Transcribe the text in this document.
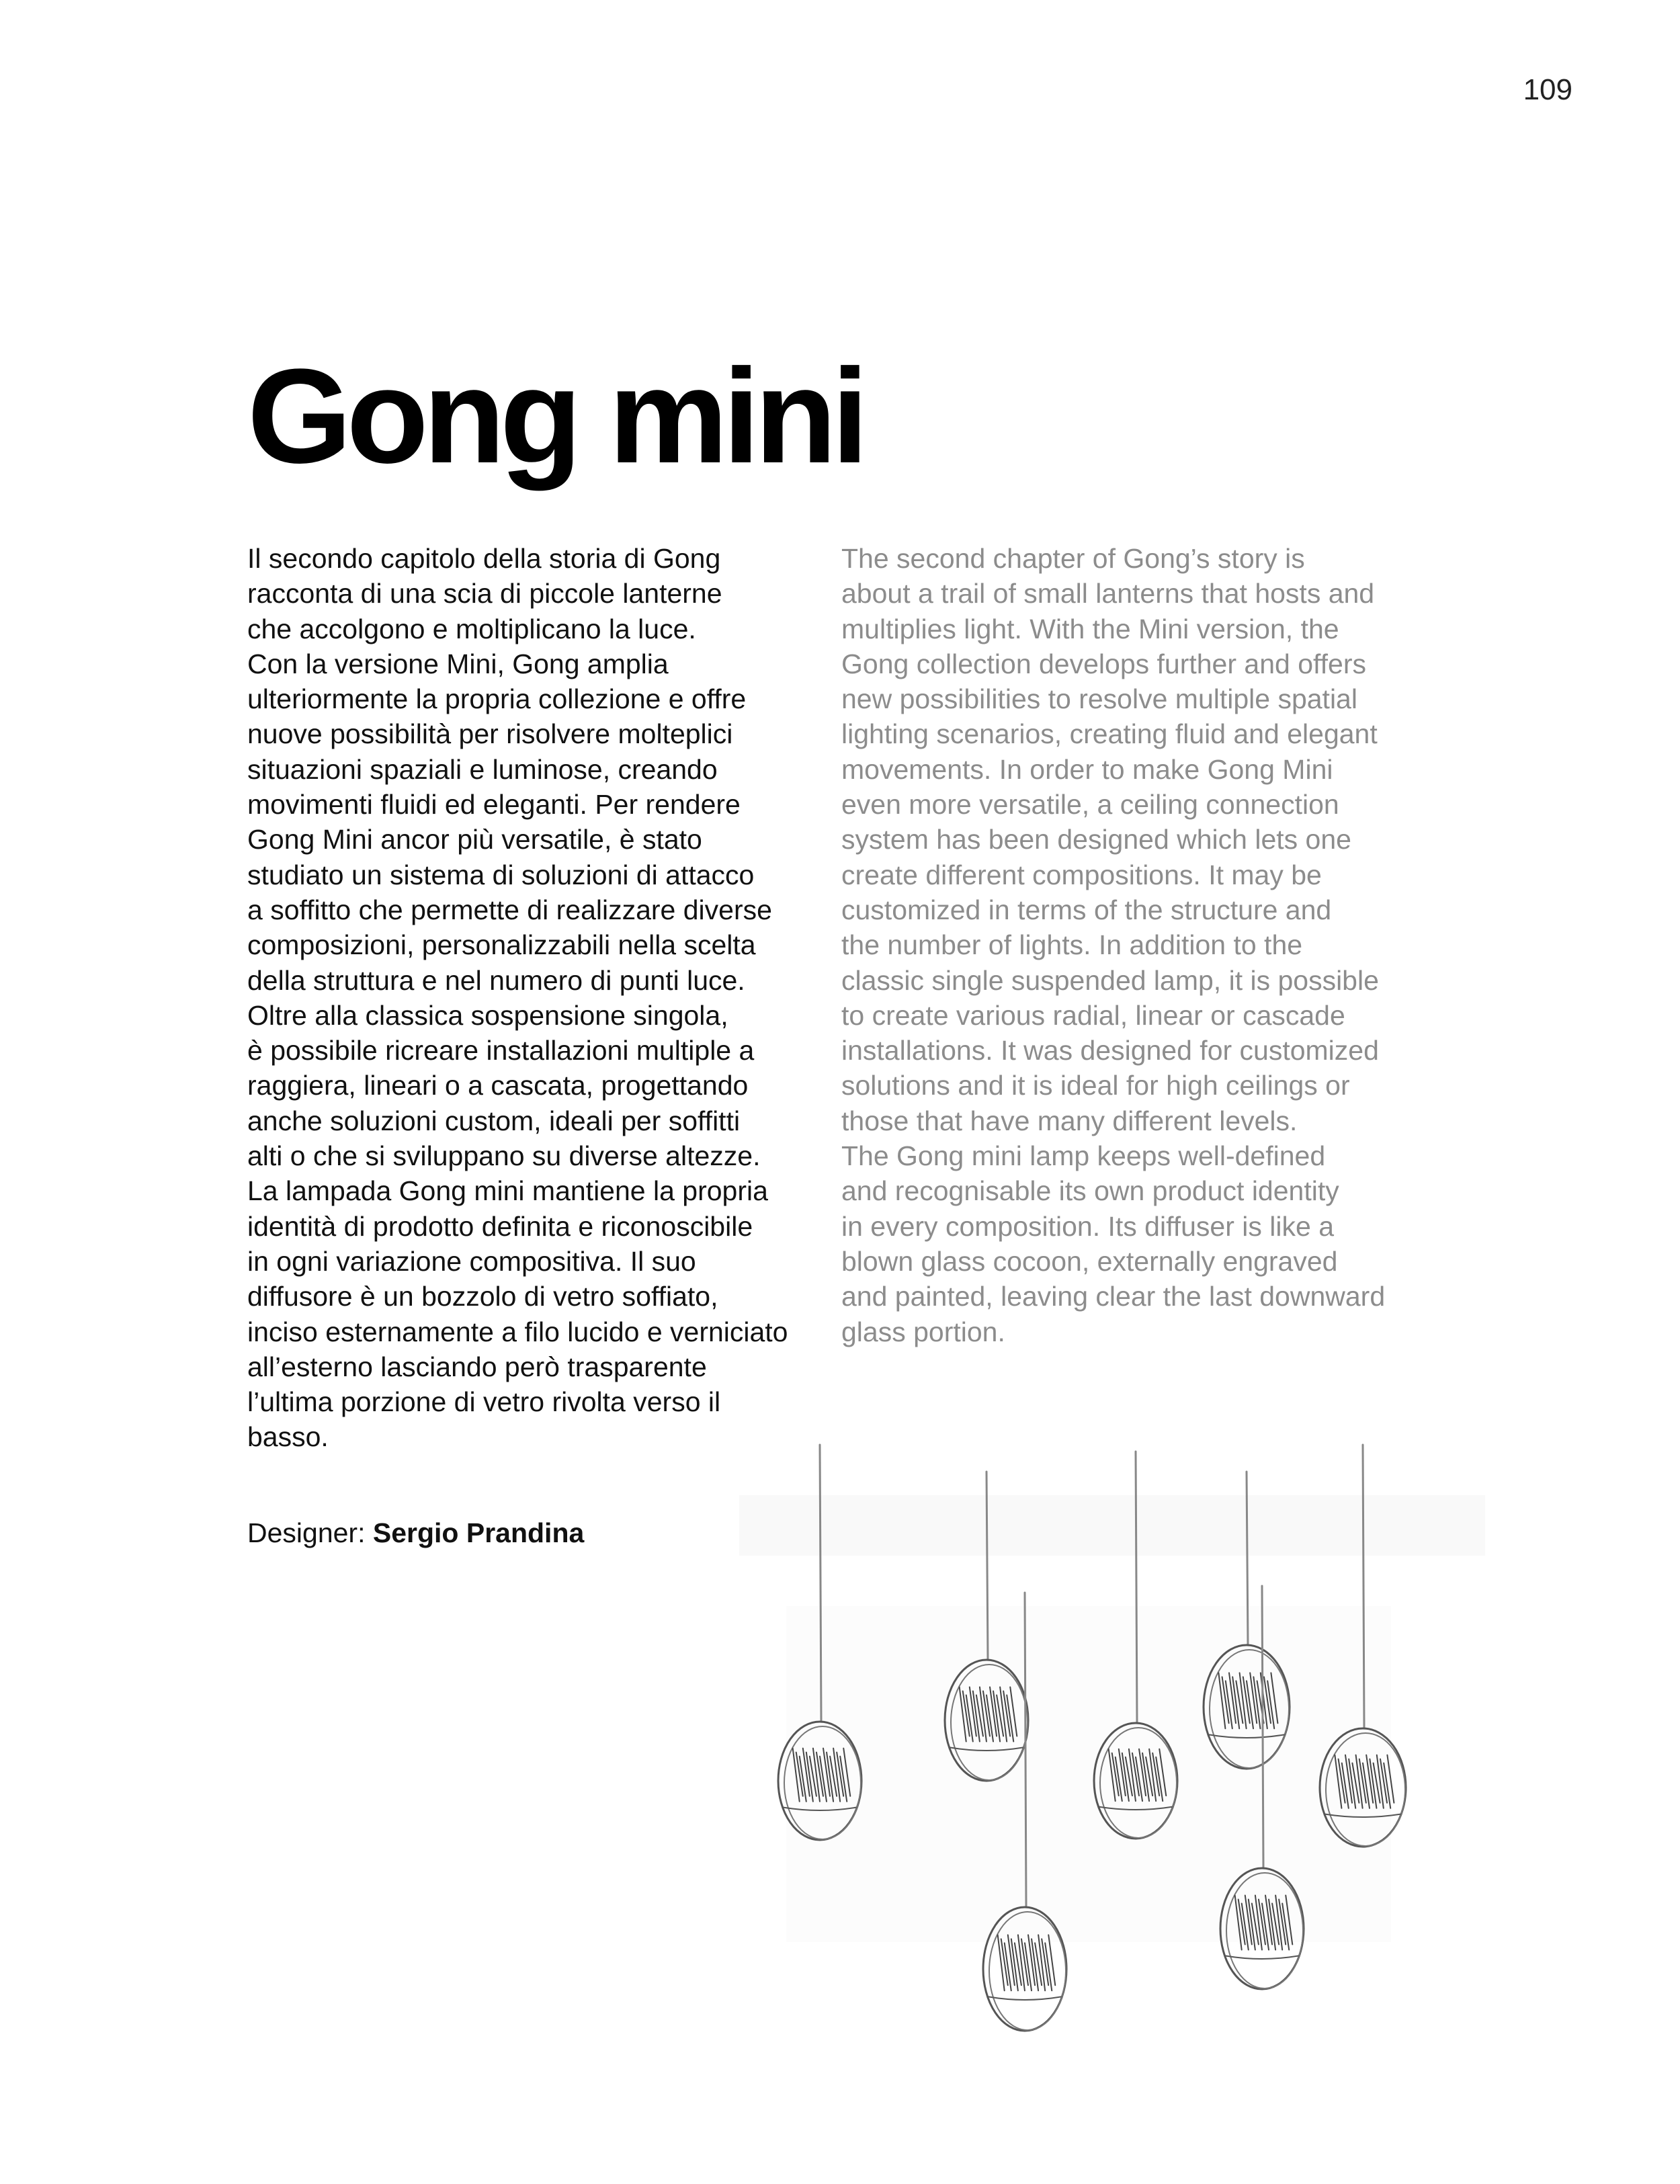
109
Gong mini
Il secondo capitolo della storia di Gong
racconta di una scia di piccole lanterne
che accolgono e moltiplicano la luce.
Con la versione Mini, Gong amplia
ulteriormente la propria collezione e offre
nuove possibilità per risolvere molteplici
situazioni spaziali e luminose, creando
movimenti fluidi ed eleganti. Per rendere
Gong Mini ancor più versatile, è stato
studiato un sistema di soluzioni di attacco
a soffitto che permette di realizzare diverse
composizioni, personalizzabili nella scelta
della struttura e nel numero di punti luce.
Oltre alla classica sospensione singola,
è possibile ricreare installazioni multiple a
raggiera, lineari o a cascata, progettando
anche soluzioni custom, ideali per soffitti
alti o che si sviluppano su diverse altezze.
La lampada Gong mini mantiene la propria
identità di prodotto definita e riconoscibile
in ogni variazione compositiva. Il suo
diffusore è un bozzolo di vetro soffiato,
inciso esternamente a filo lucido e verniciato
all’esterno lasciando però trasparente
l’ultima porzione di vetro rivolta verso il
basso.
The second chapter of Gong’s story is
about a trail of small lanterns that hosts and
multiplies light. With the Mini version, the
Gong collection develops further and offers
new possibilities to resolve multiple spatial
lighting scenarios, creating fluid and elegant
movements. In order to make Gong Mini
even more versatile, a ceiling connection
system has been designed which lets one
create different compositions. It may be
customized in terms of the structure and
the number of lights. In addition to the
classic single suspended lamp, it is possible
to create various radial, linear or cascade
installations. It was designed for customized
solutions and it is ideal for high ceilings or
those that have many different levels.
The Gong mini lamp keeps well-defined
and recognisable its own product identity
in every composition. Its diffuser is like a
blown glass cocoon, externally engraved
and painted, leaving clear the last downward
glass portion.
Designer: Sergio Prandina
